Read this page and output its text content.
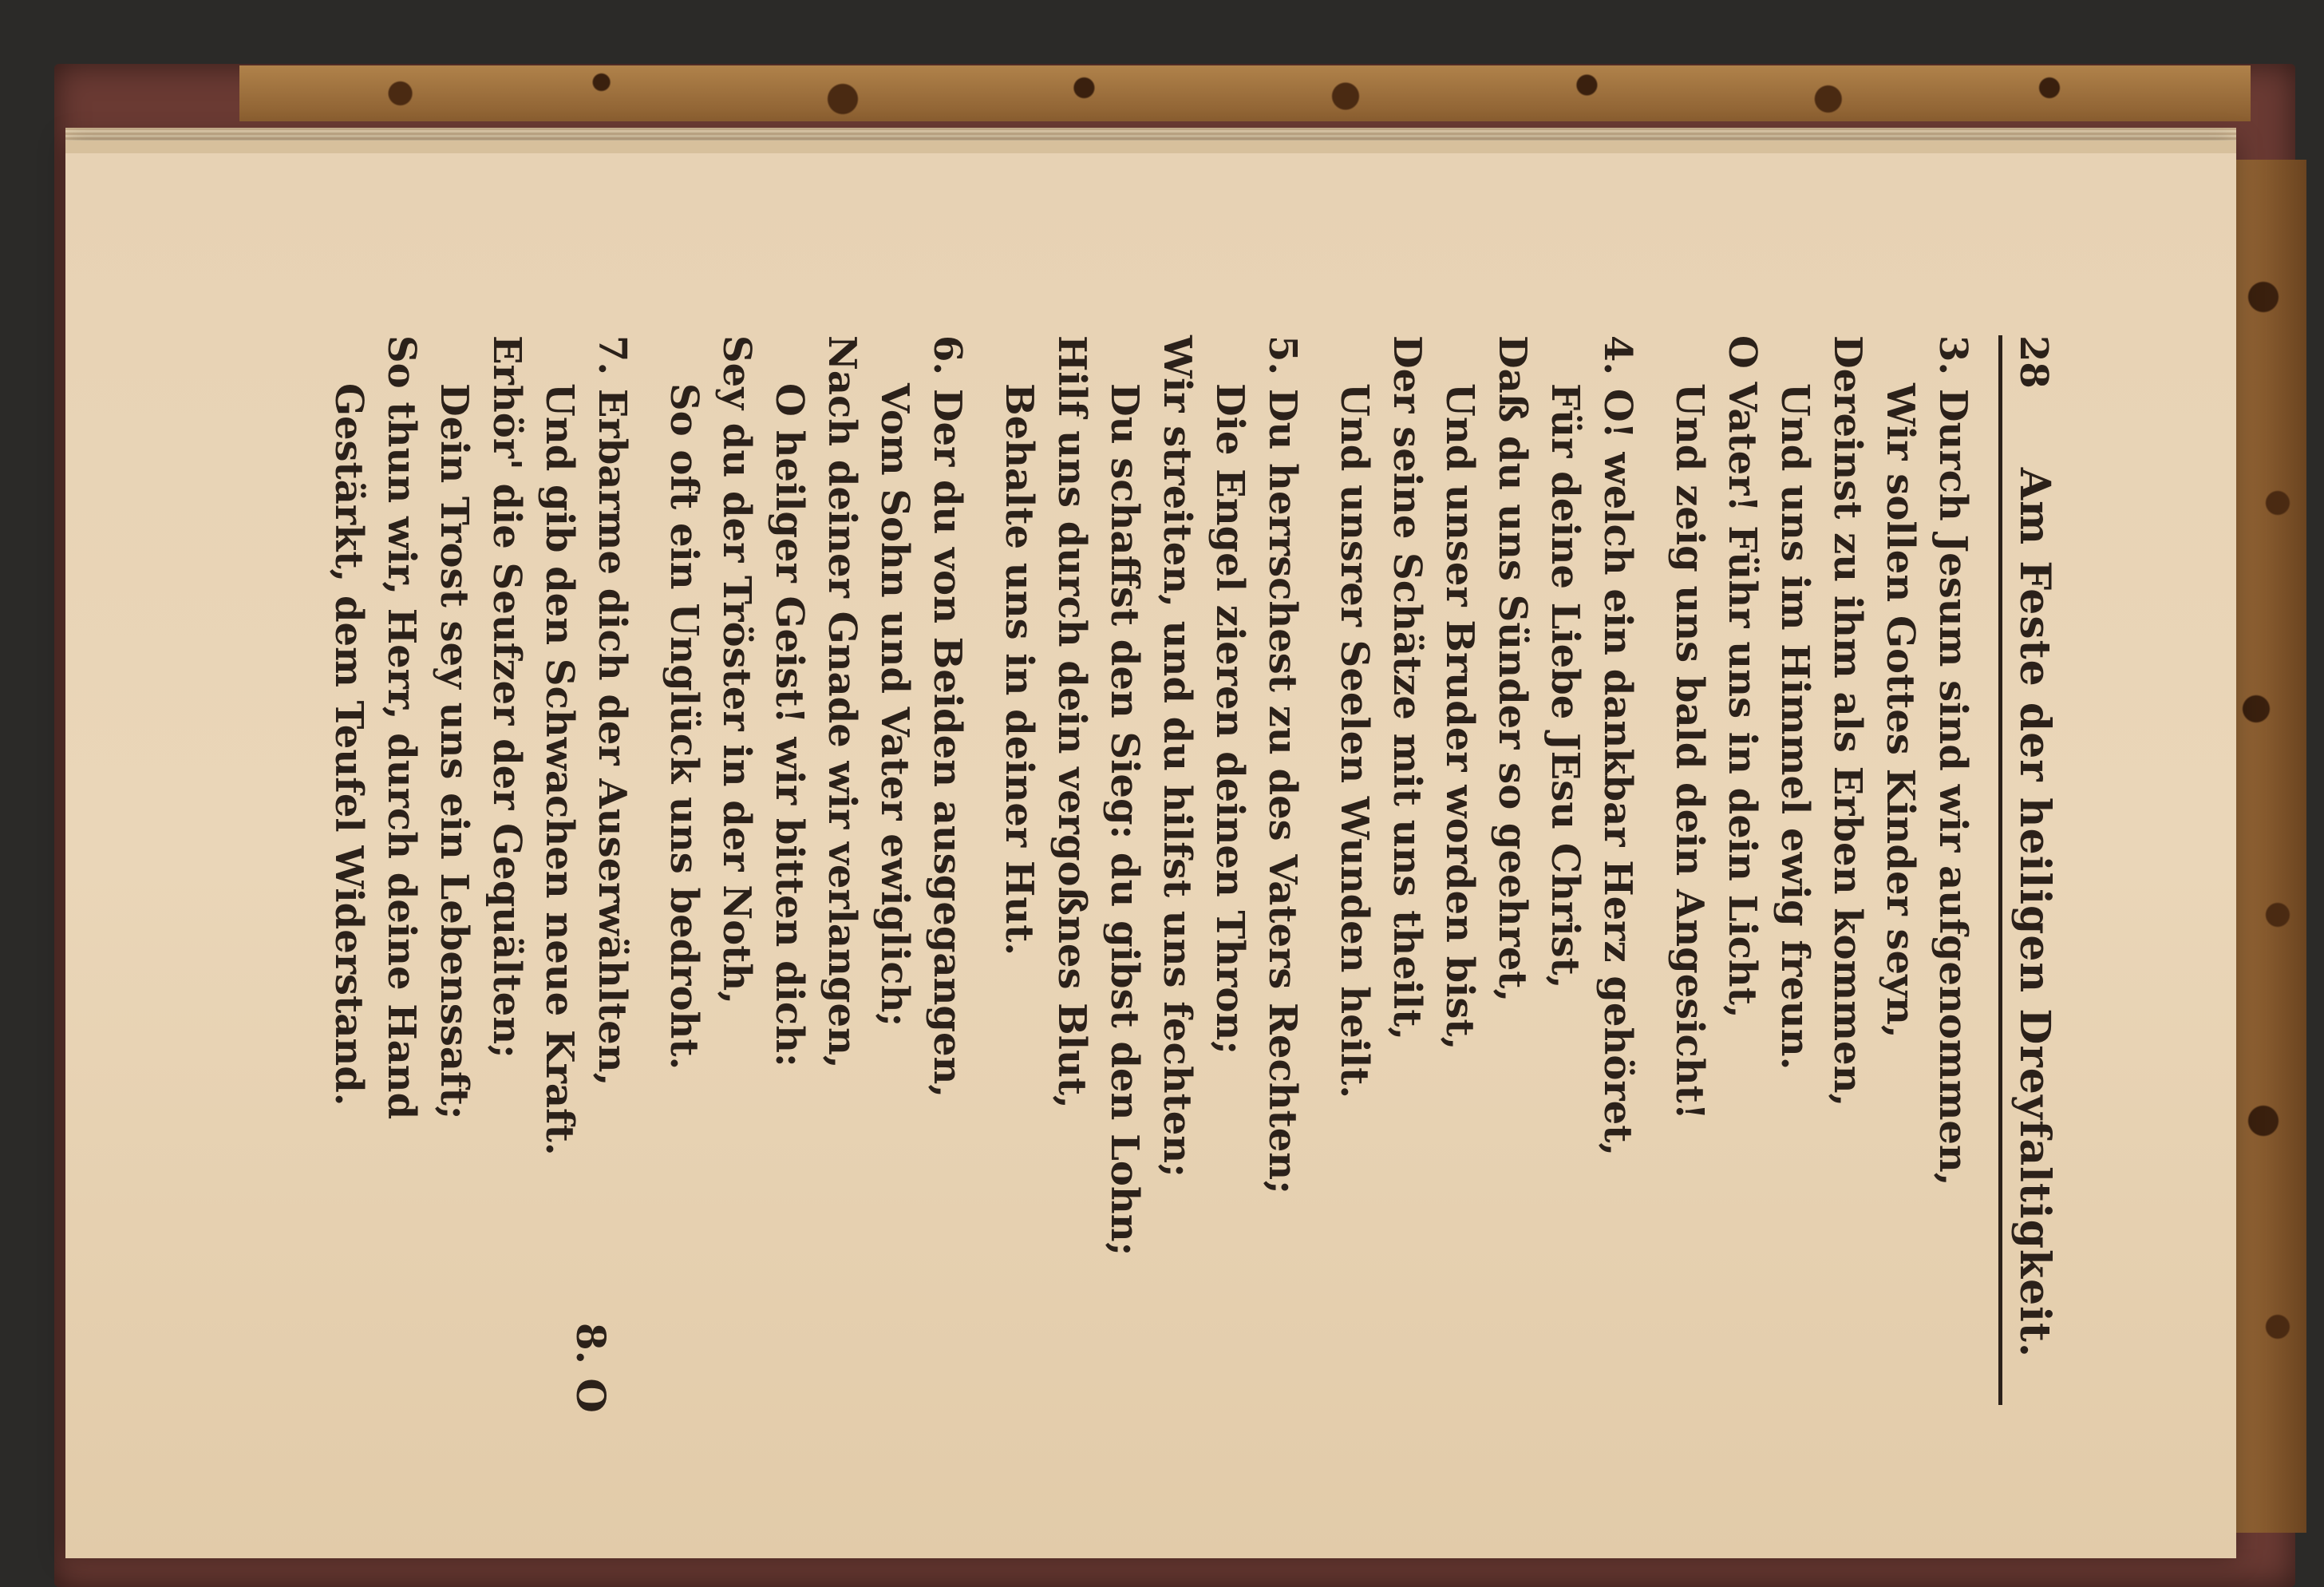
28
Am Feste der heiligen Dreyfaltigkeit.
3. Durch Jesum sind wir aufgenommen,
Wir sollen Gottes Kinder seyn,
Dereinst zu ihm als Erben kommen,
Und uns im Himmel ewig freun.
O Vater! Führ uns in dein Licht,
Und zeig uns bald dein Angesicht!
4. O! welch ein dankbar Herz gehöret,
Für deine Liebe JEsu Christ,
Daß du uns Sünder so geehret,
Und unser Bruder worden bist,
Der seine Schätze mit uns theilt,
Und unsrer Seelen Wunden heilt.
5. Du herrschest zu des Vaters Rechten;
Die Engel zieren deinen Thron;
Wir streiten, und du hilfst uns fechten;
Du schaffst den Sieg: du gibst den Lohn;
Hilf uns durch dein vergoßnes Blut,
Behalte uns in deiner Hut.
6. Der du von Beiden ausgegangen,
Vom Sohn und Vater ewiglich;
Nach deiner Gnade wir verlangen,
O heilger Geist! wir bitten dich:
Sey du der Tröster in der Noth,
So oft ein Unglück uns bedroht.
7. Erbarme dich der Auserwählten,
Und gib den Schwachen neue Kraft.
Erhör' die Seufzer der Gequälten;
Dein Trost sey uns ein Lebenssaft;
So thun wir, Herr, durch deine Hand
Gestärkt, dem Teufel Widerstand.
8. O
